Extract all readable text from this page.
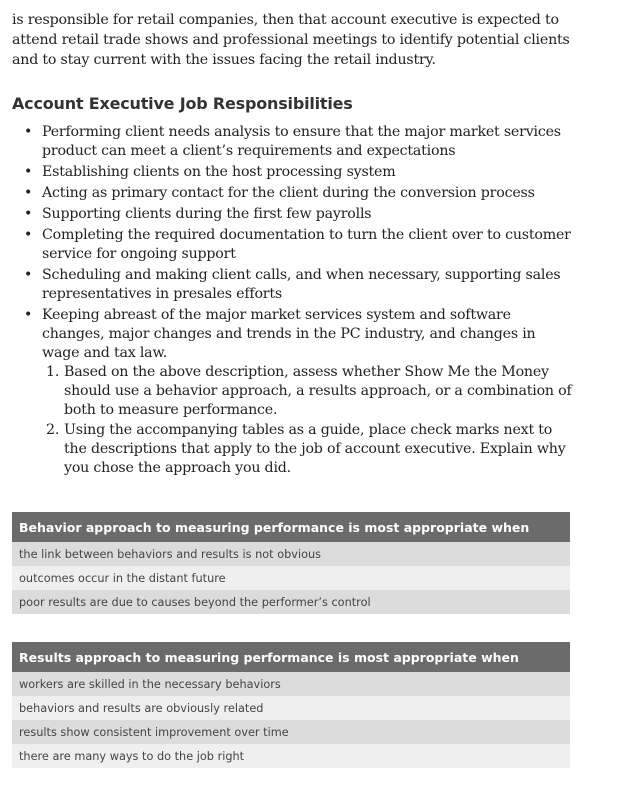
is responsible for retail companies, then that account executive is expected to attend retail trade shows and professional meetings to identify potential clients and to stay current with the issues facing the retail industry.

Account Executive Job Responsibilities
• Performing client needs analysis to ensure that the major market services product can meet a client’s requirements and expectations
• Establishing clients on the host processing system
• Acting as primary contact for the client during the conversion process
• Supporting clients during the first few payrolls
• Completing the required documentation to turn the client over to customer service for ongoing support
• Scheduling and making client calls, and when necessary, supporting sales representatives in presales efforts
• Keeping abreast of the major market services system and software changes, major changes and trends in the PC industry, and changes in wage and tax law.
1. Based on the above description, assess whether Show Me the Money should use a behavior approach, a results approach, or a combination of both to measure performance.
2. Using the accompanying tables as a guide, place check marks next to the descriptions that apply to the job of account executive. Explain why you chose the approach you did.
Behavior approach to measuring performance is most appropriate when
the link between behaviors and results is not obvious
outcomes occur in the distant future
poor results are due to causes beyond the performer’s control
Results approach to measuring performance is most appropriate when
workers are skilled in the necessary behaviors
behaviors and results are obviously related
results show consistent improvement over time
there are many ways to do the job right
